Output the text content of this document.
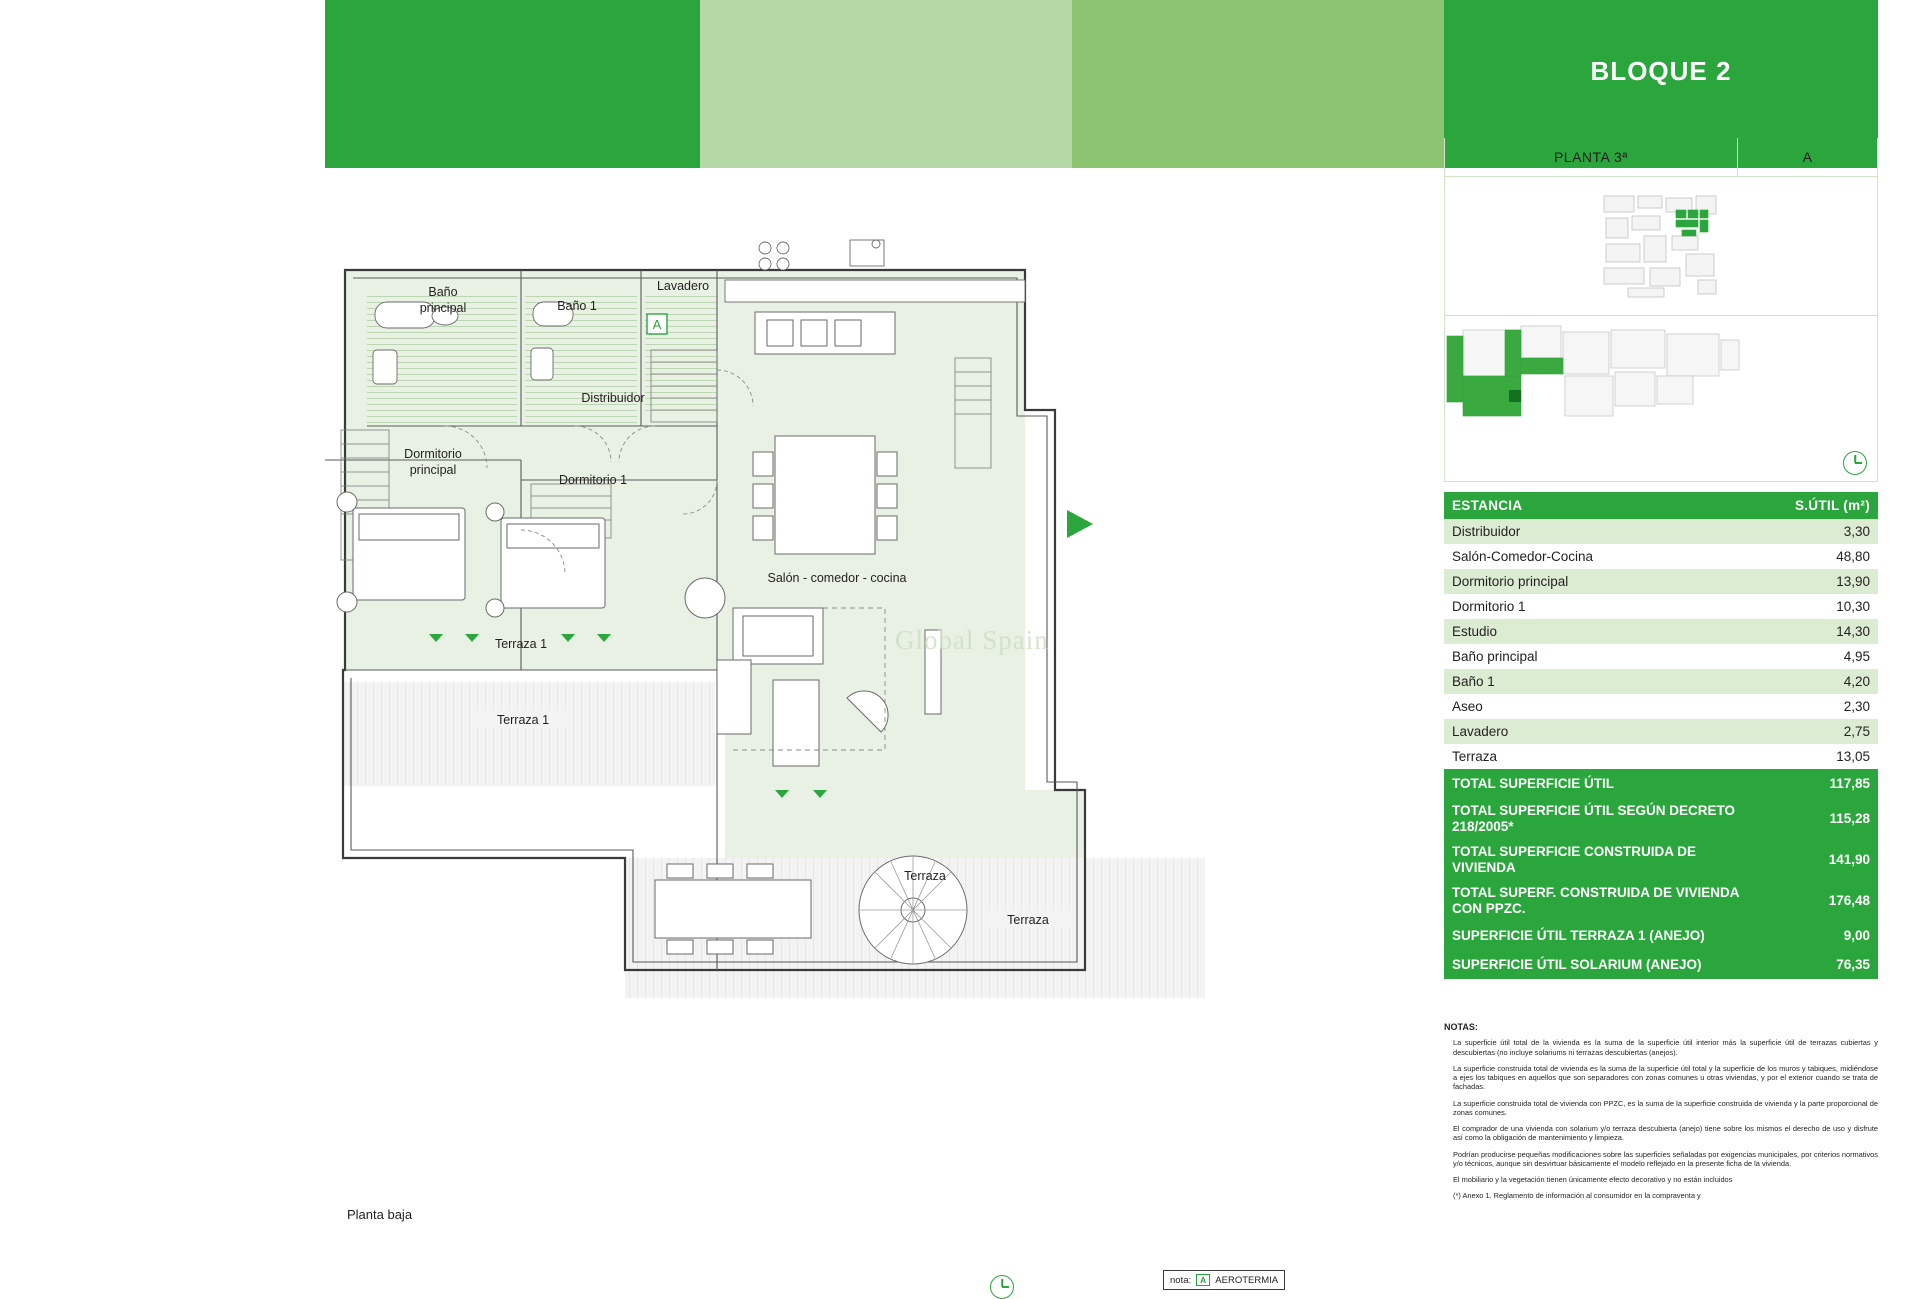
BLOQUE 2
PLANTA 3ª	A
ESTANCIA	S.ÚTIL (m²)
Distribuidor	3,30
Salón-Comedor-Cocina	48,80
Dormitorio principal	13,90
Dormitorio 1	10,30
Estudio	14,30
Baño principal	4,95
Baño 1	4,20
Aseo	2,30
Lavadero	2,75
Terraza	13,05
TOTAL SUPERFICIE ÚTIL	117,85
TOTAL SUPERFICIE ÚTIL SEGÚN DECRETO 218/2005*	115,28
TOTAL SUPERFICIE CONSTRUIDA DE VIVIENDA	141,90
TOTAL SUPERF. CONSTRUIDA DE VIVIENDA CON PPZC.	176,48
SUPERFICIE ÚTIL TERRAZA 1 (ANEJO)	9,00
SUPERFICIE ÚTIL SOLARIUM (ANEJO)	76,35
NOTAS:

La superficie útil total de la vivienda es la suma de la superficie útil interior más la superficie útil de terrazas cubiertas y descubiertas (no incluye solariums ni terrazas descubiertas (anejos).

La superficie construida total de vivienda es la suma de la superficie útil total y la superficie de los muros y tabiques, midiéndose a ejes los tabiques en aquellos que son separadores con zonas comunes u otras viviendas, y por el exterior cuando se trata de fachadas.

La superficie construida total de vivienda con PPZC, es la suma de la superficie construida de vivienda y la parte proporcional de zonas comunes.

El comprador de una vivienda con solarium y/o terraza descubierta (anejo) tiene sobre los mismos el derecho de uso y disfrute así como la obligación de mantenimiento y limpieza.

Podrían producirse pequeñas modificaciones sobre las superficies señaladas por exigencias municipales, por criterios normativos y/o técnicos, aunque sin desvirtuar básicamente el modelo reflejado en la presente ficha de la vivienda.

El mobiliario y la vegetación tienen únicamente efecto decorativo y no están incluidos

(*) Anexo 1. Reglamento de información al consumidor en la compraventa y

Baño
principal	Baño 1
Lavadero
Distribuidor
Dormitorio
principal
Dormitorio 1
Salón - comedor - cocina
Terraza 1
Terraza
Terraza 1
Terraza
A
Global Spain
Planta baja
nota:	A AEROTERMIA
